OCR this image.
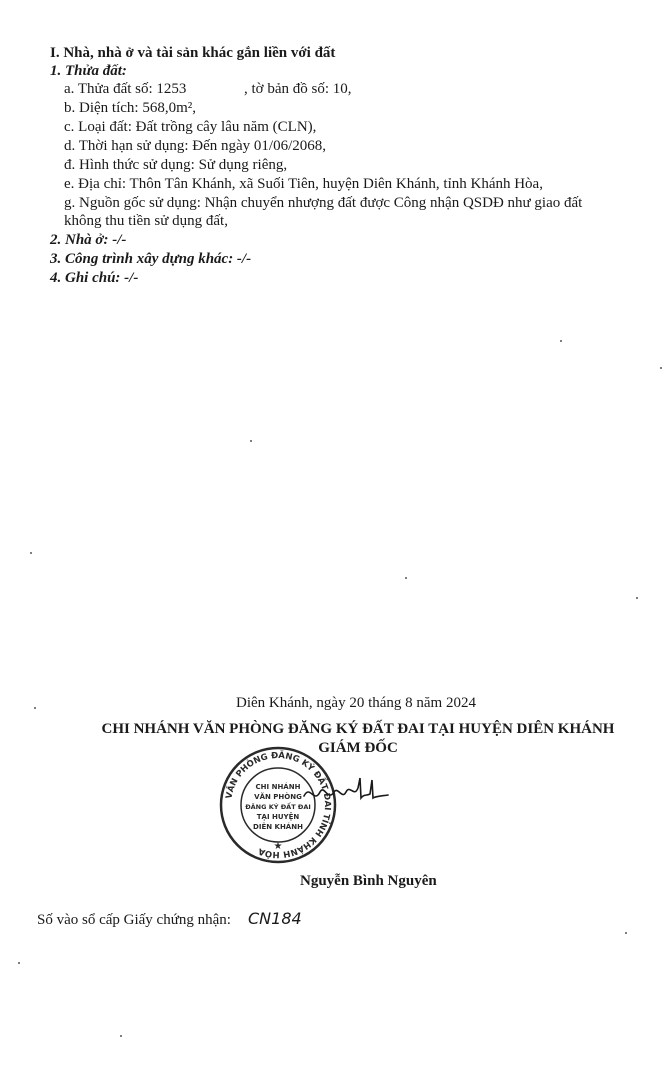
I. Nhà, nhà ở và tài sản khác gắn liền với đất
1. Thửa đất:
a. Thửa đất số: 1253	, tờ bản đồ số: 10,
b. Diện tích: 568,0m²,
c. Loại đất: Đất trồng cây lâu năm (CLN),
d. Thời hạn sử dụng: Đến ngày 01/06/2068,
đ. Hình thức sử dụng: Sử dụng riêng,
e. Địa chỉ: Thôn Tân Khánh, xã Suối Tiên, huyện Diên Khánh, tỉnh Khánh Hòa,
g. Nguồn gốc sử dụng: Nhận chuyển nhượng đất được Công nhận QSDĐ như giao đất
không thu tiền sử dụng đất,
2. Nhà ở: -/-
3. Công trình xây dựng khác: -/-
4. Ghi chú: -/-
Diên Khánh, ngày 20 tháng 8 năm 2024
CHI NHÁNH VĂN PHÒNG ĐĂNG KÝ ĐẤT ĐAI TẠI HUYỆN DIÊN KHÁNH
GIÁM ĐỐC
VĂN PHÒNG ĐĂNG KÝ ĐẤT ĐAI TỈNH KHÁNH HÒA
CHI NHÁNH
VĂN PHÒNG
ĐĂNG KÝ ĐẤT ĐAI
TẠI HUYỆN
DIÊN KHÁNH
★
Nguyễn Bình Nguyên
Số vào sổ cấp Giấy chứng nhận: CN184
